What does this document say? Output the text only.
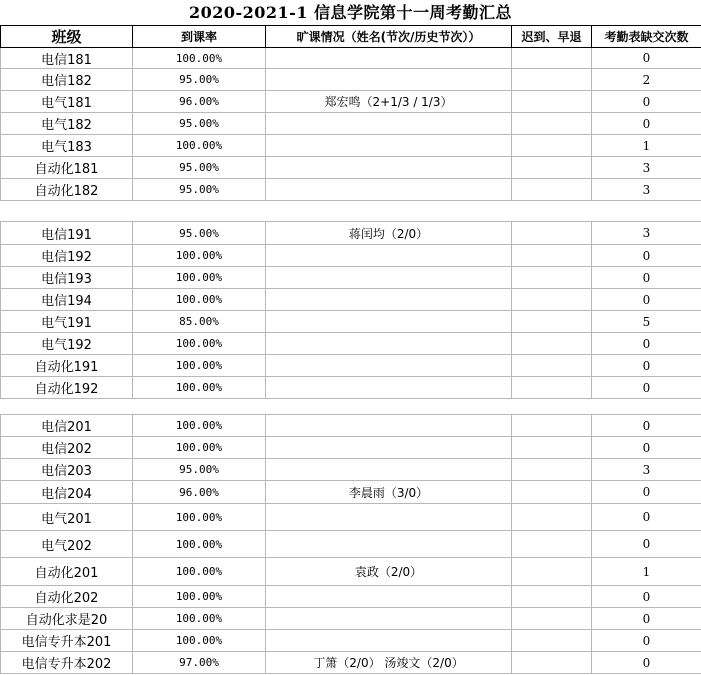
2020-2021-1 信息学院第十一周考勤汇总
班级	到课率	旷课情况（姓名(节次/历史节次））	迟到、早退	考勤表缺交次数
电信181	100.00%			0
电信182	95.00%			2
电气181	96.00%	郑宏鸣（2+1/3 / 1/3）		0
电气182	95.00%			0
电气183	100.00%			1
自动化181	95.00%			3
自动化182	95.00%			3

电信191	95.00%	蒋闰均（2/0）		3
电信192	100.00%			0
电信193	100.00%			0
电信194	100.00%			0
电气191	85.00%			5
电气192	100.00%			0
自动化191	100.00%			0
自动化192	100.00%			0

电信201	100.00%			0
电信202	100.00%			0
电信203	95.00%			3
电信204	96.00%	李晨雨（3/0）		0
电气201	100.00%			0
电气202	100.00%			0
自动化201	100.00%	袁政（2/0）		1
自动化202	100.00%			0
自动化求是20	100.00%			0
电信专升本201	100.00%			0
电信专升本202	97.00%	丁箫（2/0） 汤竣文（2/0）		0
